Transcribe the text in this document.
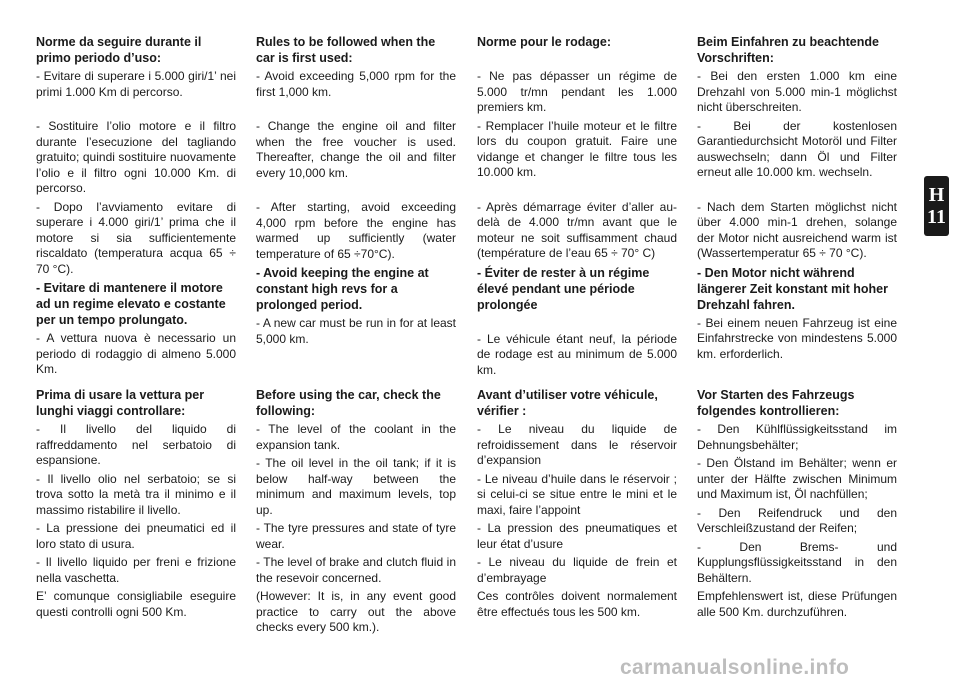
Norme da seguire durante il primo periodo d’uso:
- Evitare di superare i 5.000 giri/1’ nei primi 1.000 Km di percorso.
- Sostituire l’olio motore e il filtro durante l’esecuzione del tagliando gratuito; quindi sostituire nuovamente l’olio e il filtro ogni 10.000 Km. di percorso.
- Dopo l’avviamento evitare di superare i 4.000 giri/1’ prima che il motore si sia sufficientemente riscaldato (temperatura acqua 65 ÷ 70 °C).
- Evitare di mantenere il motore ad un regime elevato e costante per un tempo prolungato.
- A vettura nuova è necessario un periodo di rodaggio di almeno 5.000 Km.
Prima di usare la vettura per lunghi viaggi controllare:
- Il livello del liquido di raffreddamento nel serbatoio di espansione.
- Il livello olio nel serbatoio; se si trova sotto la metà tra il minimo e il massimo ristabilire il livello.
- La pressione dei pneumatici ed il loro stato di usura.
- Il livello liquido per freni e frizione nella vaschetta.
E’ comunque consigliabile eseguire questi controlli ogni 500 Km.
Rules to be followed when the car is first used:
- Avoid exceeding 5,000 rpm for the first 1,000 km.
- Change the engine oil and filter when the free voucher is used. Thereafter, change the oil and filter every 10,000 km.
- After starting, avoid exceeding 4,000 rpm before the engine has warmed up sufficiently (water temperature of 65 ÷70°C).
- Avoid keeping the engine at constant high revs for a prolonged period.
- A new car must be run in for at least 5,000 km.
Before using the car, check the following:
- The level of the coolant in the expansion tank.
- The oil level in the oil tank; if it is below half-way between the minimum and maximum levels, top up.
- The tyre pressures and state of tyre wear.
- The level of brake and clutch fluid in the resevoir concerned.
(However: It is, in any event good practice to carry out the above checks every 500 km.).
Norme pour le rodage:
- Ne pas dépasser un régime de 5.000 tr/mn pendant les 1.000 premiers km.
- Remplacer l’huile moteur et le filtre lors du coupon gratuit. Faire une vidange et changer le filtre tous les 10.000 km.
- Après démarrage éviter d’aller au-delà de 4.000 tr/mn avant que le moteur ne soit suffisamment chaud (température de l’eau 65 ÷ 70° C)
- Éviter de rester à un régime élevé pendant une période prolongée
- Le véhicule étant neuf, la période de rodage est au minimum de 5.000 km.
Avant d’utiliser votre véhicule, vérifier :
- Le niveau du liquide de refroidissement dans le réservoir d’expansion
- Le niveau d’huile dans le réservoir ; si celui-ci se situe entre le mini et le maxi, faire l’appoint
- La pression des pneumatiques et leur état d’usure
- Le niveau du liquide de frein et d’embrayage
Ces contrôles doivent normalement être effectués tous les 500 km.
Beim Einfahren zu beachtende Vorschriften:
- Bei den ersten 1.000 km eine Drehzahl von 5.000 min-1 möglichst nicht überschreiten.
- Bei der kostenlosen Garantiedurchsicht Motoröl und Filter auswechseln; dann Öl und Filter erneut alle 10.000 km. wechseln.
- Nach dem Starten möglichst nicht über 4.000 min-1 drehen, solange der Motor nicht ausreichend warm ist (Wassertemperatur 65 ÷ 70 °C).
- Den Motor nicht während längerer Zeit konstant mit hoher Drehzahl fahren.
- Bei einem neuen Fahrzeug ist eine Einfahrstrecke von mindestens 5.000 km. erforderlich.
Vor Starten des Fahrzeugs folgendes kontrollieren:
- Den Kühlflüssigkeitsstand im Dehnungsbehälter;
- Den Ölstand im Behälter; wenn er unter der Hälfte zwischen Minimum und Maximum ist, Öl nachfüllen;
- Den Reifendruck und den Verschleißzustand der Reifen;
- Den Brems- und Kupplungsflüssigkeitsstand in den Behältern.
Empfehlenswert ist, diese Prüfungen alle 500 Km. durchzuführen.
H
11
carmanualsonline.info
